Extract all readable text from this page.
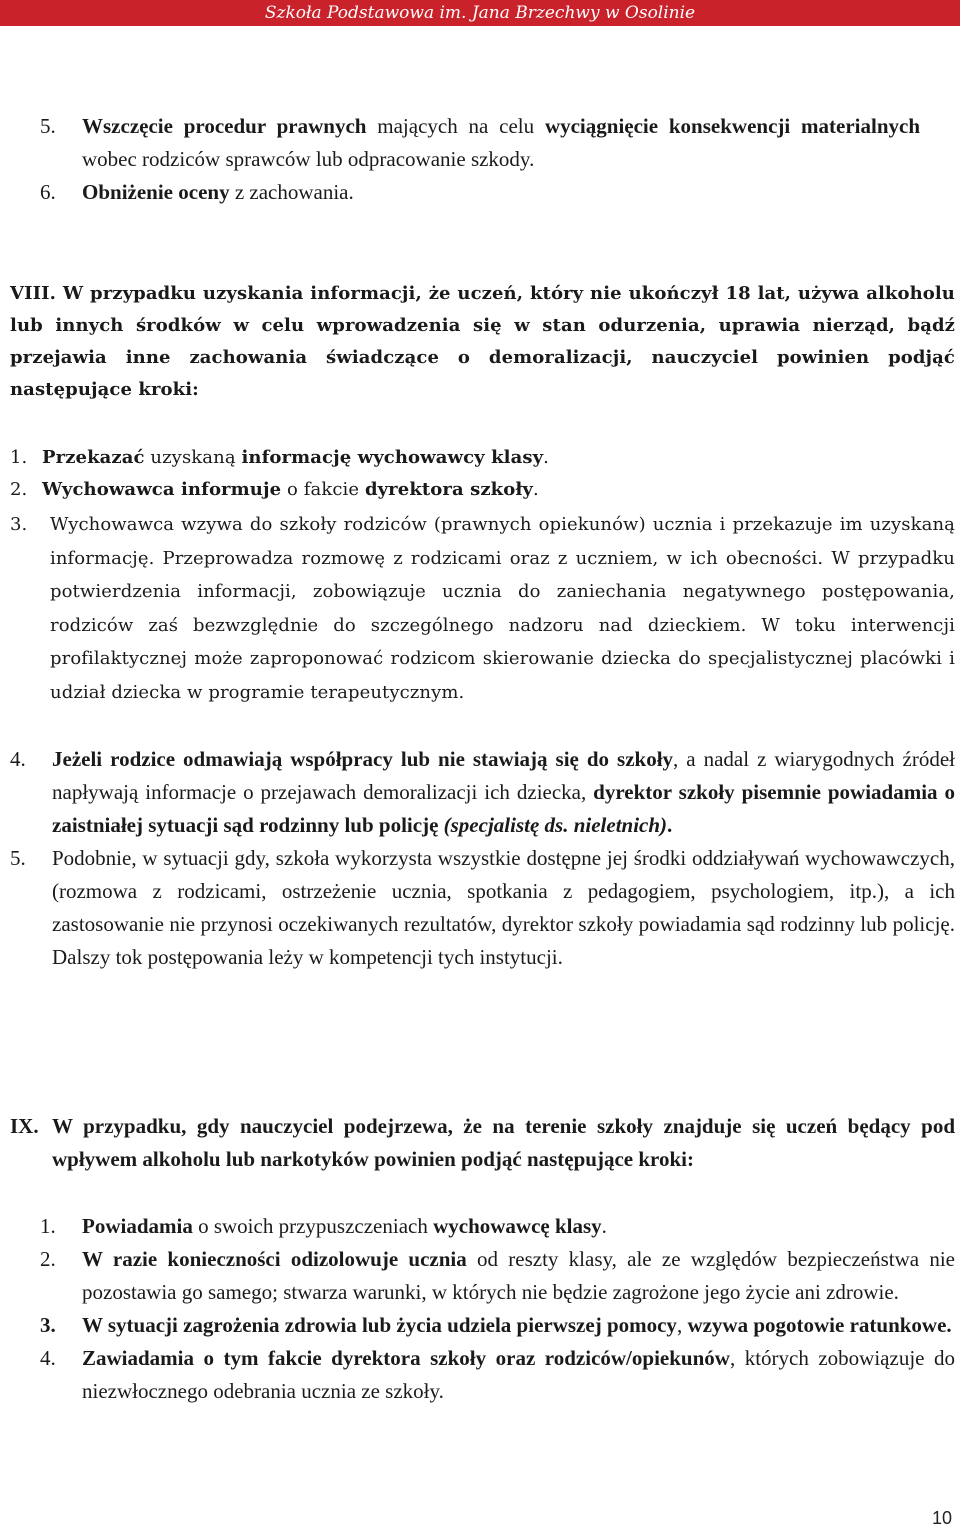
Szkoła Podstawowa im. Jana Brzechwy w Osolinie
5. Wszczęcie procedur prawnych mających na celu wyciągnięcie konsekwencji materialnych wobec rodziców sprawców lub odpracowanie szkody.
6. Obniżenie oceny z zachowania.
VIII. W przypadku uzyskania informacji, że uczeń, który nie ukończył 18 lat, używa alkoholu lub innych środków w celu wprowadzenia się w stan odurzenia, uprawia nierząd, bądź przejawia inne zachowania świadczące o demoralizacji, nauczyciel powinien podjąć następujące kroki:
1. Przekazać uzyskaną informację wychowawcy klasy.
2. Wychowawca informuje o fakcie dyrektora szkoły.
3. Wychowawca wzywa do szkoły rodziców (prawnych opiekunów) ucznia i przekazuje im uzyskaną informację. Przeprowadza rozmowę z rodzicami oraz z uczniem, w ich obecności. W przypadku potwierdzenia informacji, zobowiązuje ucznia do zaniechania negatywnego postępowania, rodziców zaś bezwzględnie do szczególnego nadzoru nad dzieckiem. W toku interwencji profilaktycznej może zaproponować rodzicom skierowanie dziecka do specjalistycznej placówki i udział dziecka w programie terapeutycznym.
4. Jeżeli rodzice odmawiają współpracy lub nie stawiają się do szkoły, a nadal z wiarygodnych źródeł napływają informacje o przejawach demoralizacji ich dziecka, dyrektor szkoły pisemnie powiadamia o zaistniałej sytuacji sąd rodzinny lub policję (specjalistę ds. nieletnich).
5. Podobnie, w sytuacji gdy, szkoła wykorzysta wszystkie dostępne jej środki oddziaływań wychowawczych, (rozmowa z rodzicami, ostrzeżenie ucznia, spotkania z pedagogiem, psychologiem, itp.), a ich zastosowanie nie przynosi oczekiwanych rezultatów, dyrektor szkoły powiadamia sąd rodzinny lub policję. Dalszy tok postępowania leży w kompetencji tych instytucji.
IX. W przypadku, gdy nauczyciel podejrzewa, że na terenie szkoły znajduje się uczeń będący pod wpływem alkoholu lub narkotyków powinien podjąć następujące kroki:
1. Powiadamia o swoich przypuszczeniach wychowawcę klasy.
2. W razie konieczności odizolowuje ucznia od reszty klasy, ale ze względów bezpieczeństwa nie pozostawia go samego; stwarza warunki, w których nie będzie zagrożone jego życie ani zdrowie.
3. W sytuacji zagrożenia zdrowia lub życia udziela pierwszej pomocy, wzywa pogotowie ratunkowe.
4. Zawiadamia o tym fakcie dyrektora szkoły oraz rodziców/opiekunów, których zobowiązuje do niezwłocznego odebrania ucznia ze szkoły.
10
